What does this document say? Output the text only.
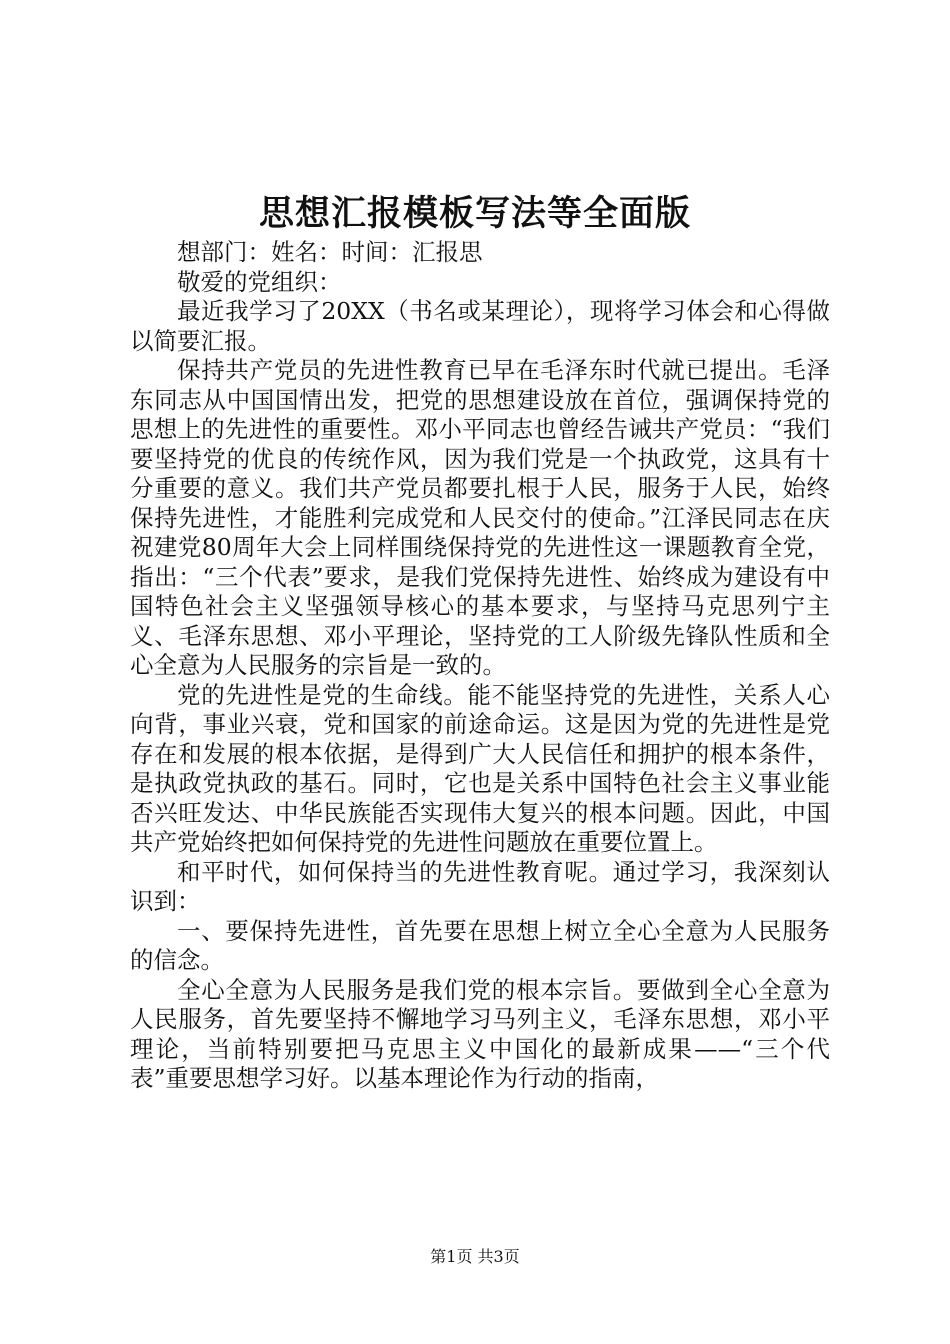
思想汇报模板写法等全面版

想部门：姓名：时间：汇报思

敬爱的党组织：

最近我学习了20XX（书名或某理论），现将学习体会和心得做以简要汇报。

保持共产党员的先进性教育已早在毛泽东时代就已提出。毛泽东同志从中国国情出发，把党的思想建设放在首位，强调保持党的思想上的先进性的重要性。邓小平同志也曾经告诫共产党员：“我们要坚持党的优良的传统作风，因为我们党是一个执政党，这具有十分重要的意义。我们共产党员都要扎根于人民，服务于人民，始终保持先进性，才能胜利完成党和人民交付的使命。”江泽民同志在庆祝建党80周年大会上同样围绕保持党的先进性这一课题教育全党，指出：“三个代表”要求，是我们党保持先进性、始终成为建设有中国特色社会主义坚强领导核心的基本要求，与坚持马克思列宁主义、毛泽东思想、邓小平理论，坚持党的工人阶级先锋队性质和全心全意为人民服务的宗旨是一致的。

党的先进性是党的生命线。能不能坚持党的先进性，关系人心向背，事业兴衰，党和国家的前途命运。这是因为党的先进性是党存在和发展的根本依据，是得到广大人民信任和拥护的根本条件，是执政党执政的基石。同时，它也是关系中国特色社会主义事业能否兴旺发达、中华民族能否实现伟大复兴的根本问题。因此，中国共产党始终把如何保持党的先进性问题放在重要位置上。

和平时代，如何保持当的先进性教育呢。通过学习，我深刻认识到：

一、要保持先进性，首先要在思想上树立全心全意为人民服务的信念。

全心全意为人民服务是我们党的根本宗旨。要做到全心全意为人民服务，首先要坚持不懈地学习马列主义，毛泽东思想，邓小平理论，当前特别要把马克思主义中国化的最新成果——“三个代表”重要思想学习好。以基本理论作为行动的指南，

第1页 共3页
